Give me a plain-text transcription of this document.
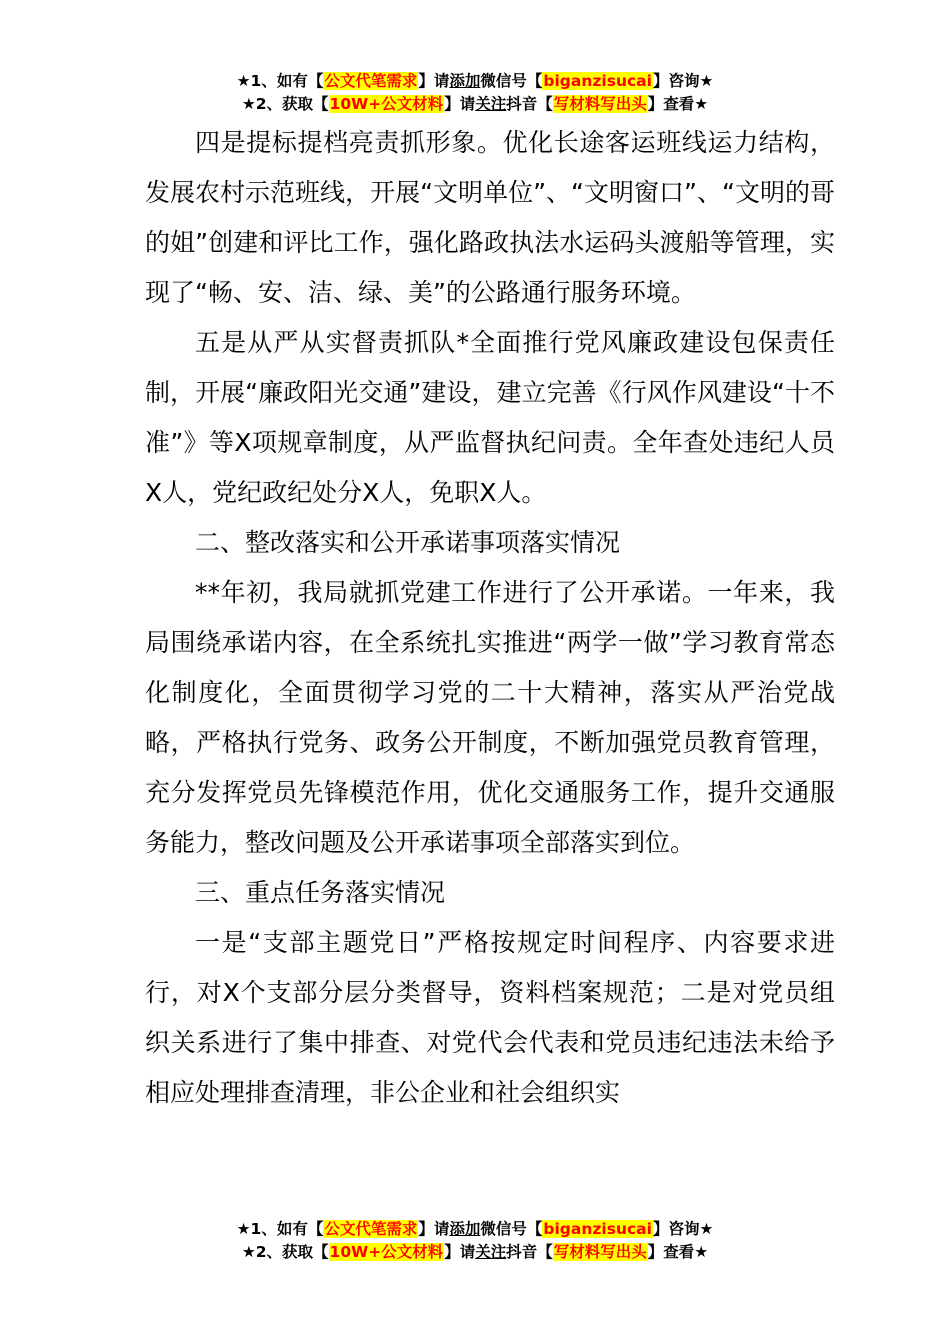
★1、如有【公文代笔需求】请添加微信号【biganzisucai】咨询★
★2、获取【10W+公文材料】请关注抖音【写材料写出头】查看★

四是提标提档亮责抓形象。优化长途客运班线运力结构，发展农村示范班线，开展“文明单位”、“文明窗口”、“文明的哥的姐”创建和评比工作，强化路政执法水运码头渡船等管理，实现了“畅、安、洁、绿、美”的公路通行服务环境。

五是从严从实督责抓队*全面推行党风廉政建设包保责任制，开展“廉政阳光交通”建设，建立完善《行风作风建设“十不准”》等X项规章制度，从严监督执纪问责。全年查处违纪人员X人，党纪政纪处分X人，免职X人。

二、整改落实和公开承诺事项落实情况

**年初，我局就抓党建工作进行了公开承诺。一年来，我局围绕承诺内容，在全系统扎实推进“两学一做”学习教育常态化制度化，全面贯彻学习党的二十大精神，落实从严治党战略，严格执行党务、政务公开制度，不断加强党员教育管理，充分发挥党员先锋模范作用，优化交通服务工作，提升交通服务能力，整改问题及公开承诺事项全部落实到位。

三、重点任务落实情况

一是“支部主题党日”严格按规定时间程序、内容要求进行，对X个支部分层分类督导，资料档案规范；二是对党员组织关系进行了集中排查、对党代会代表和党员违纪违法未给予相应处理排查清理，非公企业和社会组织实

★1、如有【公文代笔需求】请添加微信号【biganzisucai】咨询★
★2、获取【10W+公文材料】请关注抖音【写材料写出头】查看★
